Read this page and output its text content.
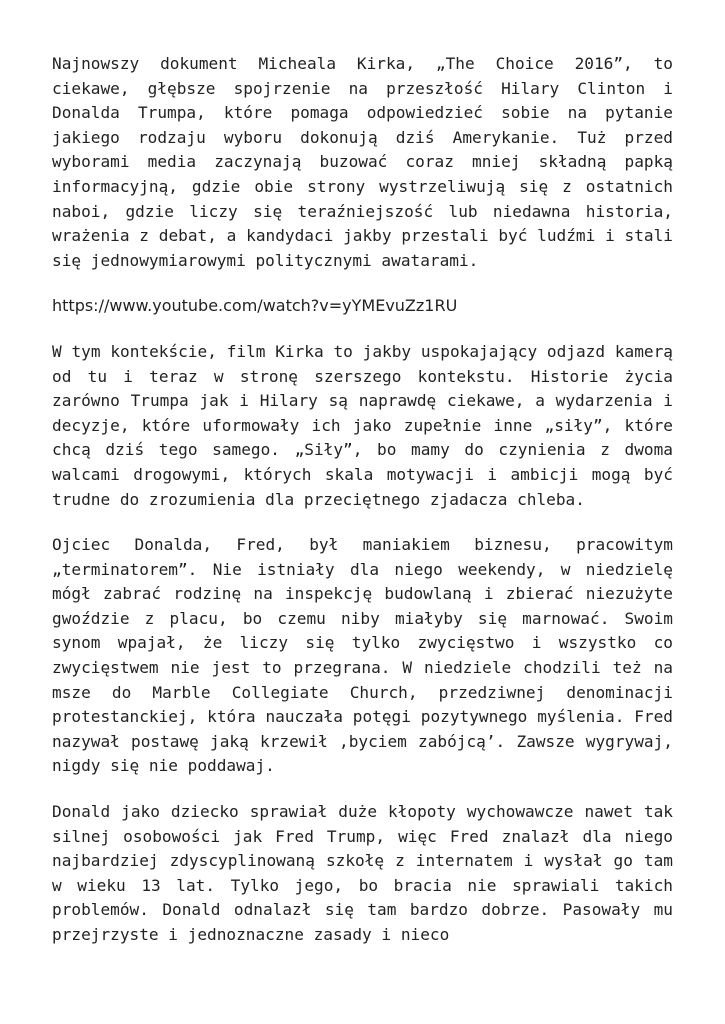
Najnowszy dokument Micheala Kirka, „The Choice 2016”, to ciekawe, głębsze spojrzenie na przeszłość Hilary Clinton i Donalda Trumpa, które pomaga odpowiedzieć sobie na pytanie jakiego rodzaju wyboru dokonują dziś Amerykanie. Tuż przed wyborami media zaczynają buzować coraz mniej składną papką informacyjną, gdzie obie strony wystrzeliwują się z ostatnich naboi, gdzie liczy się teraźniejszość lub niedawna historia, wrażenia z debat, a kandydaci jakby przestali być ludźmi i stali się jednowymiarowymi politycznymi awatarami.

https://www.youtube.com/watch?v=yYMEvuZz1RU

W tym kontekście, film Kirka to jakby uspokajający odjazd kamerą od tu i teraz w stronę szerszego kontekstu. Historie życia zarówno Trumpa jak i Hilary są naprawdę ciekawe, a wydarzenia i decyzje, które uformowały ich jako zupełnie inne „siły”, które chcą dziś tego samego. „Siły”, bo mamy do czynienia z dwoma walcami drogowymi, których skala motywacji i ambicji mogą być trudne do zrozumienia dla przeciętnego zjadacza chleba.

Ojciec Donalda, Fred, był maniakiem biznesu, pracowitym „terminatorem”. Nie istniały dla niego weekendy, w niedzielę mógł zabrać rodzinę na inspekcję budowlaną i zbierać niezużyte gwoździe z placu, bo czemu niby miałyby się marnować. Swoim synom wpajał, że liczy się tylko zwycięstwo i wszystko co zwycięstwem nie jest to przegrana. W niedziele chodzili też na msze do Marble Collegiate Church, przedziwnej denominacji protestanckiej, która nauczała potęgi pozytywnego myślenia. Fred nazywał postawę jaką krzewił ‚byciem zabójcą’. Zawsze wygrywaj, nigdy się nie poddawaj.

Donald jako dziecko sprawiał duże kłopoty wychowawcze nawet tak silnej osobowości jak Fred Trump, więc Fred znalazł dla niego najbardziej zdyscyplinowaną szkołę z internatem i wysłał go tam w wieku 13 lat. Tylko jego, bo bracia nie sprawiali takich problemów. Donald odnalazł się tam bardzo dobrze. Pasowały mu przejrzyste i jednoznaczne zasady i nieco
